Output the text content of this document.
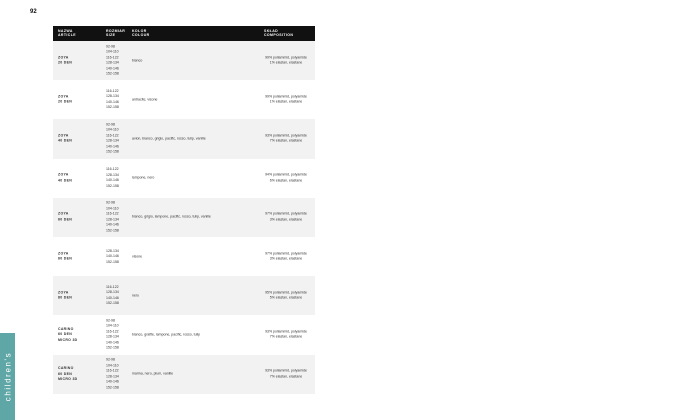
92
children's
NAZWA
ARTICLE
ROZMIAR
SIZE
KOLOR
COLOUR
SKŁAD
COMPOSITION
ZOYA
20 DEN
92-98
104-110
116-122
128-134
140-146
152-158
bianco
99% poliammid, polyamide
1% elastan, elastane
ZOYA
20 DEN
116-122
128-134
140-146
152-158
antracite, visone
99% poliammid, polyamide
1% elastan, elastane
ZOYA
40 DEN
92-98
104-110
116-122
128-134
140-146
152-158
avion, bianco, grigio, pacific, rosso, tulip, vanille
93% poliammid, polyamide
7% elastan, elastane
ZOYA
40 DEN
116-122
128-134
140-146
152-158
lampone, nero
94% poliammid, polyamide
6% elastan, elastane
ZOYA
60 DEN
92-98
104-110
116-122
128-134
140-146
152-158
bianco, grigio, lampone, pacific, rosso, tulip, vanille
97% poliammid, polyamide
3% elastan, elastane
ZOYA
60 DEN
128-134
140-146
152-158
visone
97% poliammid, polyamide
3% elastan, elastane
ZOYA
80 DEN
116-122
128-134
140-146
152-158
nero
95% poliammid, polyamide
5% elastan, elastane
CARINO
60 DEN
MICRO 3D
92-98
104-110
116-122
128-134
140-146
152-158
bianco, grafite, lampone, pacific, rosso, tulip
93% poliammid, polyamide
7% elastan, elastane
CARINO
60 DEN
MICRO 3D
92-98
104-110
116-122
128-134
140-146
152-158
marina, nero, plum, vanille
93% poliammid, polyamide
7% elastan, elastane
